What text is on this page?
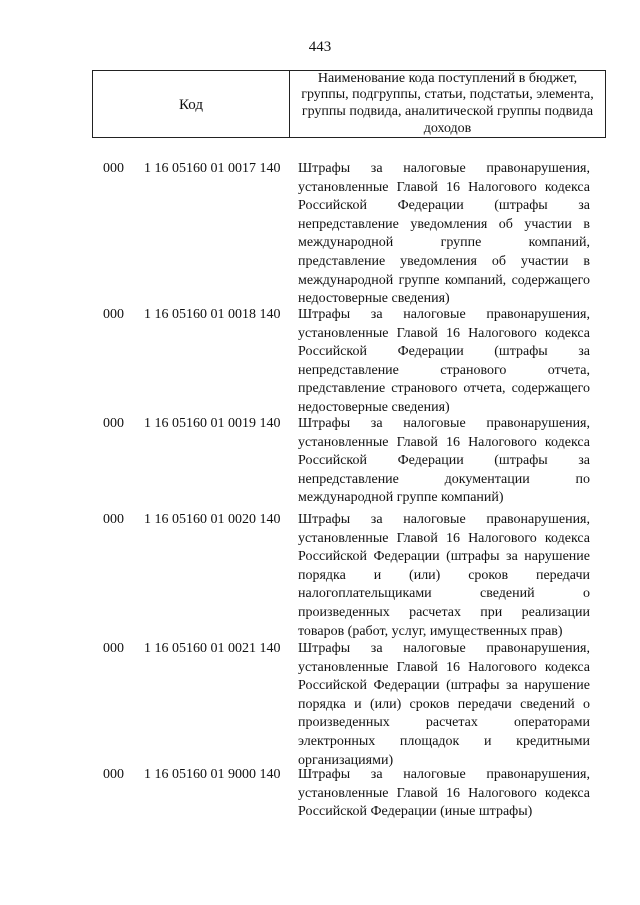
443
Код
Наименование кода поступлений в бюджет, группы, подгруппы, статьи, подстатьи, элемента, группы подвида, аналитической группы подвида доходов
000 1 16 05160 01 0017 140 Штрафы за налоговые правонарушения, установленные Главой 16 Налогового кодекса Российской Федерации (штрафы за непредставление уведомления об участии в международной группе компаний, представление уведомления об участии в международной группе компаний, содержащего недостоверные сведения)
000 1 16 05160 01 0018 140 Штрафы за налоговые правонарушения, установленные Главой 16 Налогового кодекса Российской Федерации (штрафы за непредставление странового отчета, представление странового отчета, содержащего недостоверные сведения)
000 1 16 05160 01 0019 140 Штрафы за налоговые правонарушения, установленные Главой 16 Налогового кодекса Российской Федерации (штрафы за непредставление документации по международной группе компаний)
000 1 16 05160 01 0020 140 Штрафы за налоговые правонарушения, установленные Главой 16 Налогового кодекса Российской Федерации (штрафы за нарушение порядка и (или) сроков передачи налогоплательщиками сведений о произведенных расчетах при реализации товаров (работ, услуг, имущественных прав)
000 1 16 05160 01 0021 140 Штрафы за налоговые правонарушения, установленные Главой 16 Налогового кодекса Российской Федерации (штрафы за нарушение порядка и (или) сроков передачи сведений о произведенных расчетах операторами электронных площадок и кредитными организациями)
000 1 16 05160 01 9000 140 Штрафы за налоговые правонарушения, установленные Главой 16 Налогового кодекса Российской Федерации (иные штрафы)
